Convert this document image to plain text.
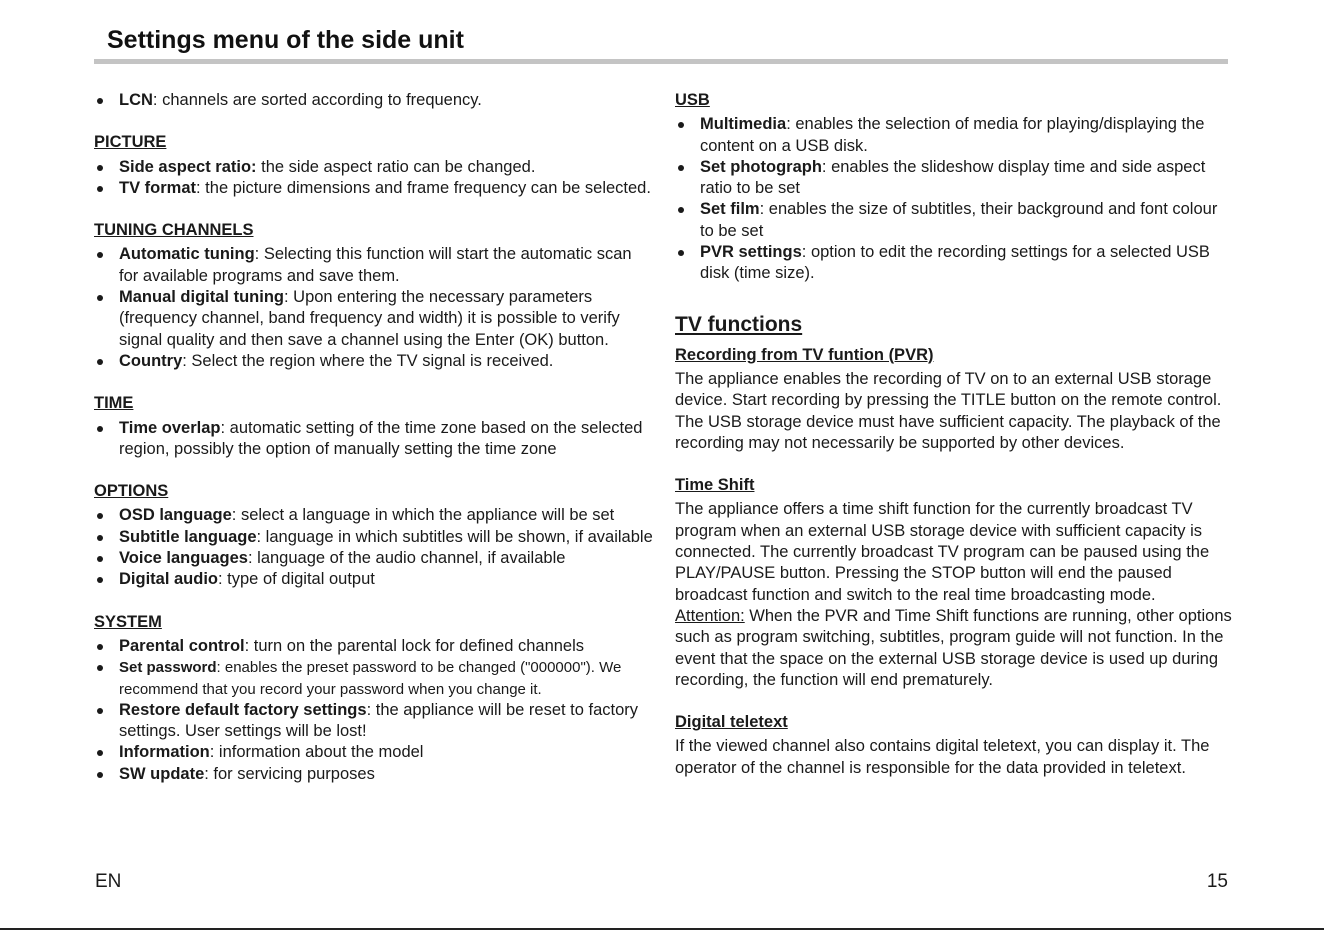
Settings menu of the side unit
LCN: channels are sorted according to frequency.
PICTURE
Side aspect ratio: the side aspect ratio can be changed.
TV format: the picture dimensions and frame frequency can be selected.
TUNING CHANNELS
Automatic tuning: Selecting this function will start the automatic scan for available programs and save them.
Manual digital tuning: Upon entering the necessary parameters (frequency channel, band frequency and width) it is possible to verify signal quality and then save a channel using the Enter (OK) button.
Country: Select the region where the TV signal is received.
TIME
Time overlap: automatic setting of the time zone based on the selected region, possibly the option of manually setting the time zone
OPTIONS
OSD language: select a language in which the appliance will be set
Subtitle language: language in which subtitles will be shown, if available
Voice languages: language of the audio channel, if available
Digital audio: type of digital output
SYSTEM
Parental control: turn on the parental lock for defined channels
Set password: enables the preset password to be changed ("000000"). We recommend that you record your password when you change it.
Restore default factory settings: the appliance will be reset to factory settings. User settings will be lost!
Information: information about the model
SW update: for servicing purposes
USB
Multimedia: enables the selection of media for playing/displaying the content on a USB disk.
Set photograph: enables the slideshow display time and side aspect ratio to be set
Set film: enables the size of subtitles, their background and font colour to be set
PVR settings: option to edit the recording settings for a selected USB disk (time size).
TV functions
Recording from TV funtion (PVR)
The appliance enables the recording of TV on to an external USB storage device. Start recording by pressing the TITLE button on the remote control. The USB storage device must have sufficient capacity. The playback of the recording may not necessarily be supported by other devices.
Time Shift
The appliance offers a time shift function for the currently broadcast TV program when an external USB storage device with sufficient capacity is connected. The currently broadcast TV program can be paused using the PLAY/PAUSE button. Pressing the STOP button will end the paused broadcast function and switch to the real time broadcasting mode.
Attention: When the PVR and Time Shift functions are running, other options such as program switching, subtitles, program guide will not function. In the event that the space on the external USB storage device is used up during recording, the function will end prematurely.
Digital teletext
If the viewed channel also contains digital teletext, you can display it. The operator of the channel is responsible for the data provided in teletext.
EN	15
